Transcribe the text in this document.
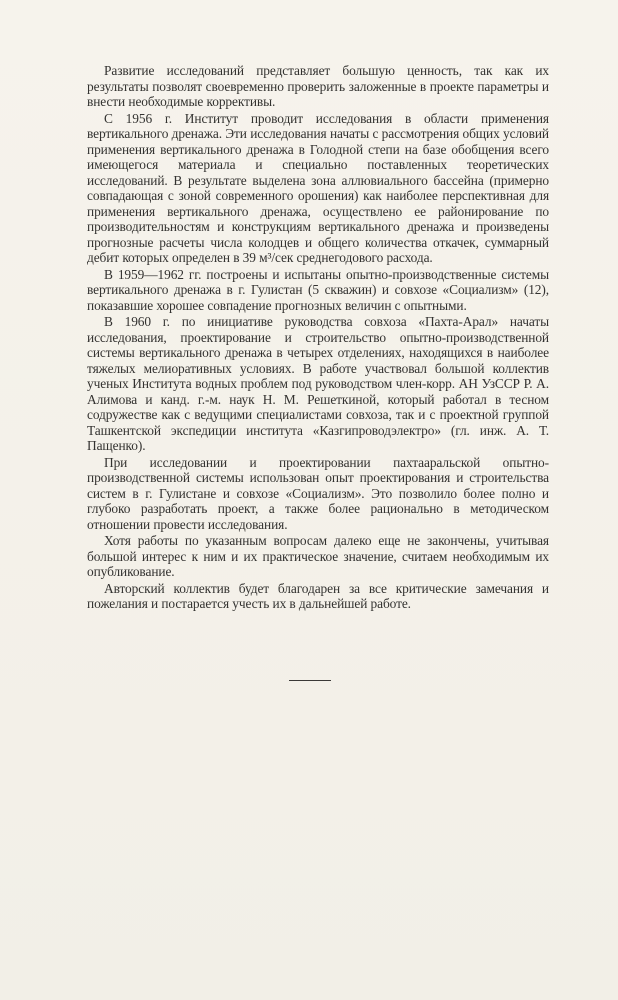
Развитие исследований представляет большую ценность, так как их результаты позволят своевременно проверить заложенные в проекте параметры и внести необходимые коррективы.

С 1956 г. Институт проводит исследования в области применения вертикального дренажа. Эти исследования начаты с рассмотрения общих условий применения вертикального дренажа в Голодной степи на базе обобщения всего имеющегося материала и специально поставленных теоретических исследований. В результате выделена зона аллювиального бассейна (примерно совпадающая с зоной современного орошения) как наиболее перспективная для применения вертикального дренажа, осуществлено ее районирование по производительностям и конструкциям вертикального дренажа и произведены прогнозные расчеты числа колодцев и общего количества откачек, суммарный дебит которых определен в 39 м³/сек среднегодового расхода.

В 1959—1962 гг. построены и испытаны опытно-производственные системы вертикального дренажа в г. Гулистан (5 скважин) и совхозе «Социализм» (12), показавшие хорошее совпадение прогнозных величин с опытными.

В 1960 г. по инициативе руководства совхоза «Пахта-Арал» начаты исследования, проектирование и строительство опытно-производственной системы вертикального дренажа в четырех отделениях, находящихся в наиболее тяжелых мелиоративных условиях. В работе участвовал большой коллектив ученых Института водных проблем под руководством член-корр. АН УзССР Р. А. Алимова и канд. г.-м. наук Н. М. Решеткиной, который работал в тесном содружестве как с ведущими специалистами совхоза, так и с проектной группой Ташкентской экспедиции института «Казгипроводэлектро» (гл. инж. А. Т. Пащенко).

При исследовании и проектировании пахтааральской опытно-производственной системы использован опыт проектирования и строительства систем в г. Гулистане и совхозе «Социализм». Это позволило более полно и глубоко разработать проект, а также более рационально в методическом отношении провести исследования.

Хотя работы по указанным вопросам далеко еще не закончены, учитывая большой интерес к ним и их практическое значение, считаем необходимым их опубликование.

Авторский коллектив будет благодарен за все критические замечания и пожелания и постарается учесть их в дальнейшей работе.
